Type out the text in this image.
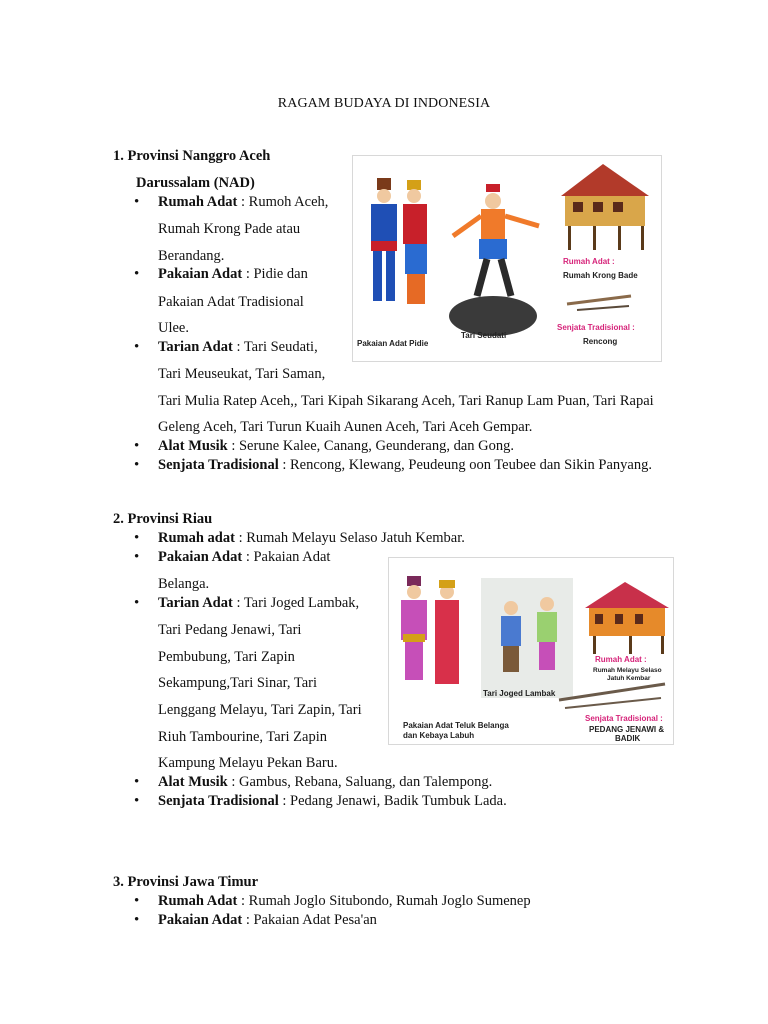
RAGAM BUDAYA DI INDONESIA
1. Provinsi Nanggro Aceh
Darussalam (NAD)
• Rumah Adat : Rumoh Aceh,
Rumah Krong Pade atau
Berandang.
• Pakaian Adat : Pidie dan
Pakaian Adat Tradisional
Ulee.
• Tarian Adat : Tari Seudati,
Tari Meuseukat, Tari Saman,
Tari Mulia Ratep Aceh,, Tari Kipah Sikarang Aceh, Tari Ranup Lam Puan, Tari Rapai
Geleng Aceh, Tari Turun Kuaih Aunen Aceh, Tari Aceh Gempar.
• Alat Musik : Serune Kalee, Canang, Geunderang, dan Gong.
• Senjata Tradisional : Rencong, Klewang, Peudeung oon Teubee dan Sikin Panyang.
Pakaian Adat Pidie
Tari Seudati
Rumah Adat :
Rumah Krong Bade
Senjata Tradisional :
Rencong
2. Provinsi Riau
• Rumah adat : Rumah Melayu Selaso Jatuh Kembar.
• Pakaian Adat : Pakaian Adat
Belanga.
• Tarian Adat : Tari Joged Lambak,
Tari Pedang Jenawi, Tari
Pembubung, Tari Zapin
Sekampung,Tari Sinar, Tari
Lenggang Melayu, Tari Zapin, Tari
Riuh Tambourine, Tari Zapin
Kampung Melayu Pekan Baru.
• Alat Musik : Gambus, Rebana, Saluang, dan Talempong.
• Senjata Tradisional : Pedang Jenawi, Badik Tumbuk Lada.
Tari Joged Lambak
Pakaian Adat Teluk Belanga
dan Kebaya Labuh
Rumah Adat :
Rumah Melayu Selaso
Jatuh Kembar
Senjata Tradisional :
PEDANG JENAWI &
BADIK
3. Provinsi Jawa Timur
• Rumah Adat : Rumah Joglo Situbondo, Rumah Joglo Sumenep
• Pakaian Adat : Pakaian Adat Pesa'an
